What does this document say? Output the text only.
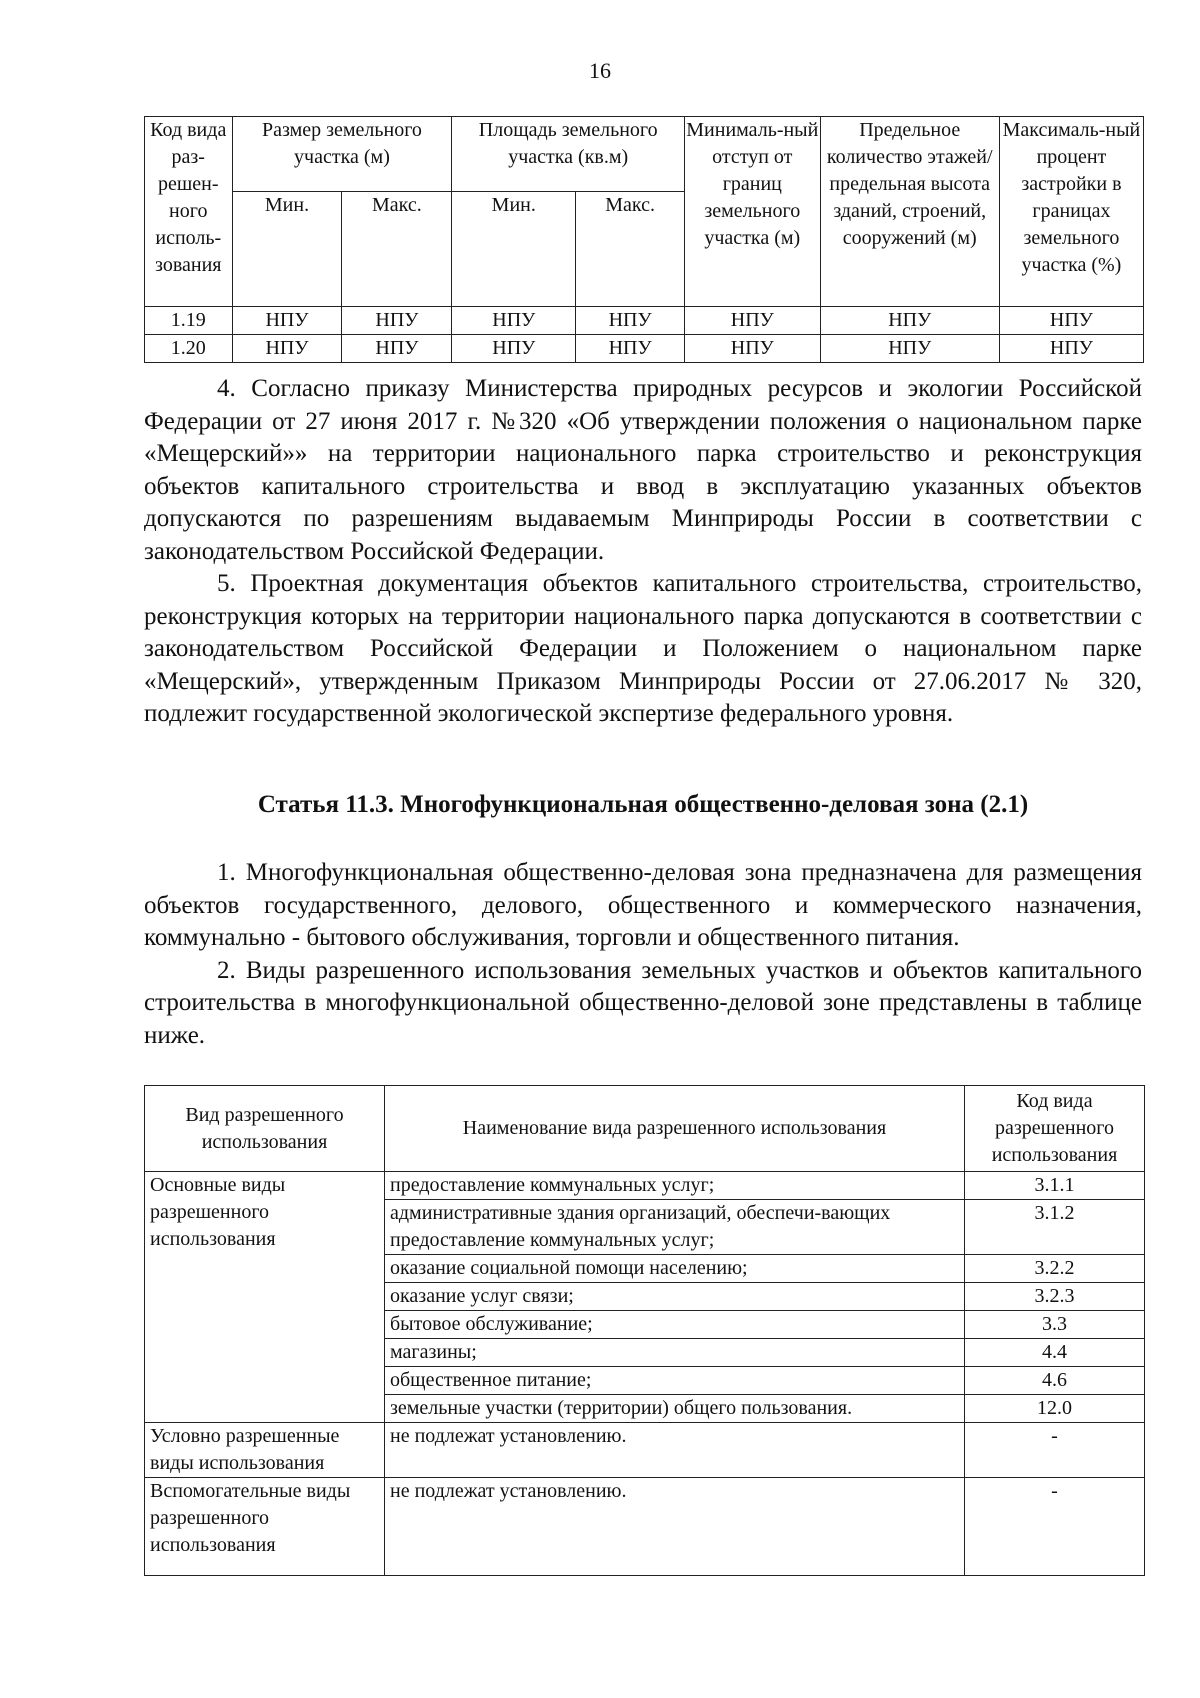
16
Код вида раз-решен-ного исполь-зования	Размер земельного участка (м)		Площадь земельного участка (кв.м)		Минималь-ный отступ от границ земельного участка (м)	Предельное количество этажей/ предельная высота зданий, строений, сооружений (м)	Максималь-ный процент застройки в границах земельного участка (%)
	Мин.	Макс.	Мин.	Макс.			
1.19	НПУ	НПУ	НПУ	НПУ	НПУ	НПУ	НПУ
1.20	НПУ	НПУ	НПУ	НПУ	НПУ	НПУ	НПУ

4. Согласно приказу Министерства природных ресурсов и экологии Российской Федерации от 27 июня 2017 г. №320 «Об утверждении положения о национальном парке «Мещерский»» на территории национального парка строительство и реконструкция объектов капитального строительства и ввод в эксплуатацию указанных объектов допускаются по разрешениям выдаваемым Минприроды России в соответствии с законодательством Российской Федерации.

5. Проектная документация объектов капитального строительства, строительство, реконструкция которых на территории национального парка допускаются в соответствии с законодательством Российской Федерации и Положением о национальном парке «Мещерский», утвержденным Приказом Минприроды России от 27.06.2017 № 320, подлежит государственной экологической экспертизе федерального уровня.

Статья 11.3. Многофункциональная общественно-деловая зона (2.1)

1. Многофункциональная общественно-деловая зона предназначена для размещения объектов государственного, делового, общественного и коммерческого назначения, коммунально - бытового обслуживания, торговли и общественного питания.

2. Виды разрешенного использования земельных участков и объектов капитального строительства в многофункциональной общественно-деловой зоне представлены в таблице ниже.

Вид разрешенного использования	Наименование вида разрешенного использования	Код вида разрешенного использования
Основные виды разрешенного использования	предоставление коммунальных услуг;	3.1.1
	административные здания организаций, обеспечи-вающих предоставление коммунальных услуг;	3.1.2
	оказание социальной помощи населению;	3.2.2
	оказание услуг связи;	3.2.3
	бытовое обслуживание;	3.3
	магазины;	4.4
	общественное питание;	4.6
	земельные участки (территории) общего пользования.	12.0
Условно разрешенные виды использования	не подлежат установлению.	-
Вспомогательные виды разрешенного использования	не подлежат установлению.	-
